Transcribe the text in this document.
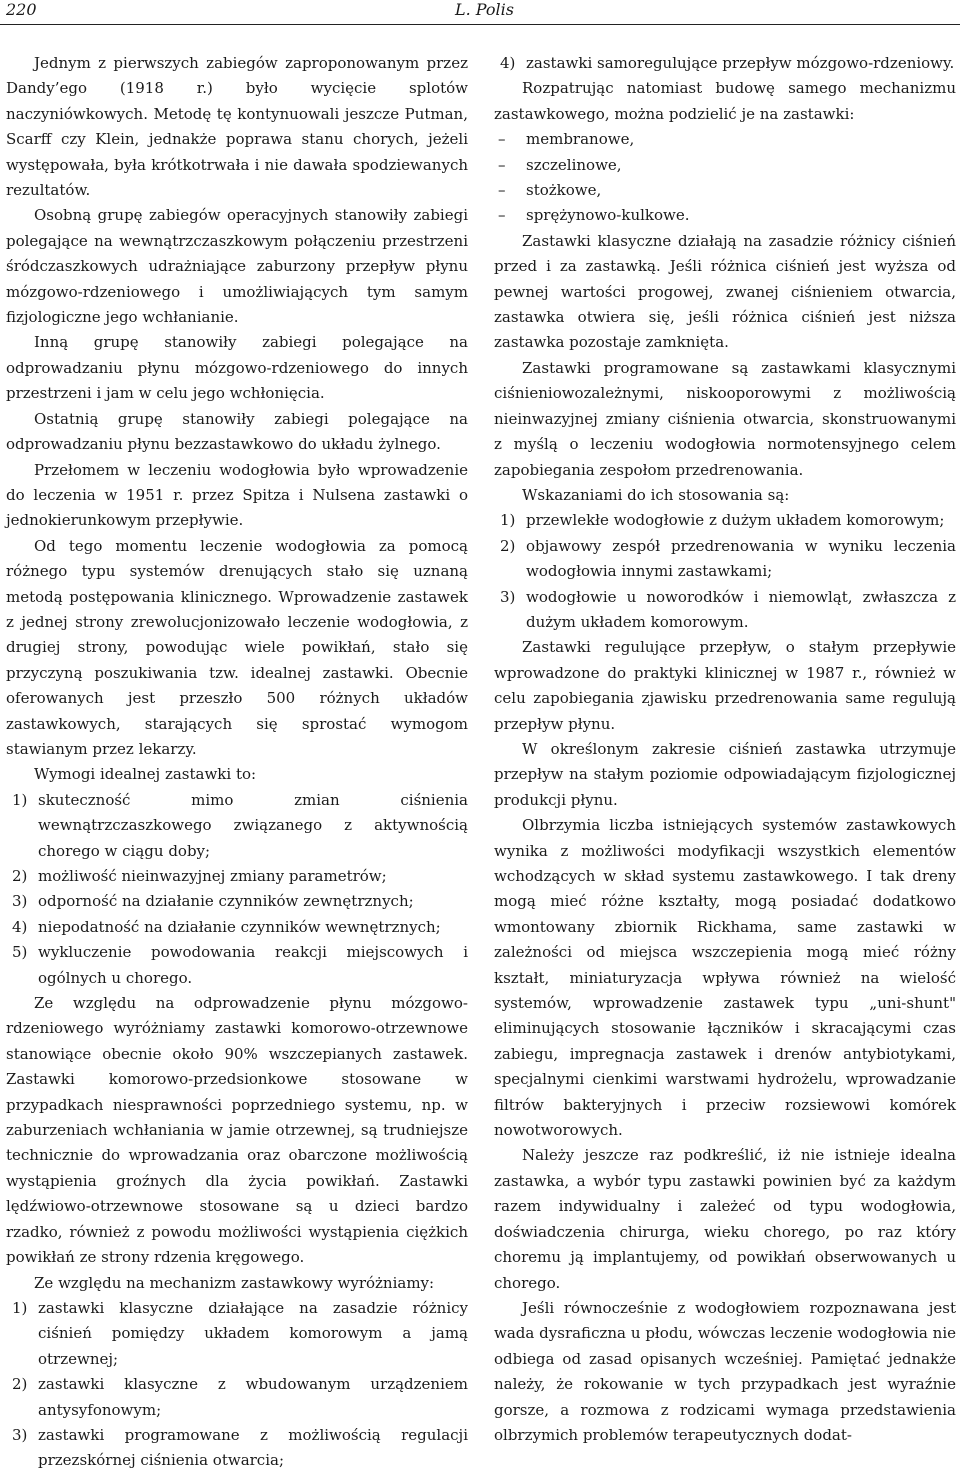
220	L. Polis

Jednym z pierwszych zabiegów zaproponowanym przez Dandy’ego (1918 r.) było wycięcie splotów naczyniówkowych. Metodę tę kontynuowali jeszcze Putman, Scarff czy Klein, jednakże poprawa stanu chorych, jeżeli występowała, była krótkotrwała i nie dawała spodziewanych rezultatów.

Osobną grupę zabiegów operacyjnych stanowiły zabiegi polegające na wewnątrzczaszkowym połączeniu przestrzeni śródczaszkowych udrażniające zaburzony przepływ płynu mózgowo-rdzeniowego i umożliwiających tym samym fizjologiczne jego wchłanianie.

Inną grupę stanowiły zabiegi polegające na odprowadzaniu płynu mózgowo-rdzeniowego do innych przestrzeni i jam w celu jego wchłonięcia.

Ostatnią grupę stanowiły zabiegi polegające na odprowadzaniu płynu bezzastawkowo do układu żylnego.

Przełomem w leczeniu wodogłowia było wprowadzenie do leczenia w 1951 r. przez Spitza i Nulsena zastawki o jednokierunkowym przepływie.

Od tego momentu leczenie wodogłowia za pomocą różnego typu systemów drenujących stało się uznaną metodą postępowania klinicznego. Wprowadzenie zastawek z jednej strony zrewolucjonizowało leczenie wodogłowia, z drugiej strony, powodując wiele powikłań, stało się przyczyną poszukiwania tzw. idealnej zastawki. Obecnie oferowanych jest przeszło 500 różnych układów zastawkowych, starających się sprostać wymogom stawianym przez lekarzy.

Wymogi idealnej zastawki to:

1) skuteczność mimo zmian ciśnienia wewnątrzczaszkowego związanego z aktywnością chorego w ciągu doby;
2) możliwość nieinwazyjnej zmiany parametrów;
3) odporność na działanie czynników zewnętrznych;
4) niepodatność na działanie czynników wewnętrznych;
5) wykluczenie powodowania reakcji miejscowych i ogólnych u chorego.

Ze względu na odprowadzenie płynu mózgowo-rdzeniowego wyróżniamy zastawki komorowo-otrzewnowe stanowiące obecnie około 90% wszczepianych zastawek. Zastawki komorowo-przedsionkowe stosowane w przypadkach niesprawności poprzedniego systemu, np. w zaburzeniach wchłaniania w jamie otrzewnej, są trudniejsze technicznie do wprowadzania oraz obarczone możliwością wystąpienia groźnych dla życia powikłań. Zastawki lędźwiowo-otrzewnowe stosowane są u dzieci bardzo rzadko, również z powodu możliwości wystąpienia ciężkich powikłań ze strony rdzenia kręgowego.

Ze względu na mechanizm zastawkowy wyróżniamy:

1) zastawki klasyczne działające na zasadzie różnicy ciśnień pomiędzy układem komorowym a jamą otrzewnej;
2) zastawki klasyczne z wbudowanym urządzeniem antysyfonowym;
3) zastawki programowane z możliwością regulacji przezskórnej ciśnienia otwarcia;
4) zastawki samoregulujące przepływ mózgowo-rdzeniowy.

Rozpatrując natomiast budowę samego mechanizmu zastawkowego, można podzielić je na zastawki:

– membranowe,
– szczelinowe,
– stożkowe,
– sprężynowo-kulkowe.

Zastawki klasyczne działają na zasadzie różnicy ciśnień przed i za zastawką. Jeśli różnica ciśnień jest wyższa od pewnej wartości progowej, zwanej ciśnieniem otwarcia, zastawka otwiera się, jeśli różnica ciśnień jest niższa zastawka pozostaje zamknięta.

Zastawki programowane są zastawkami klasycznymi ciśnieniowozależnymi, niskooporowymi z możliwością nieinwazyjnej zmiany ciśnienia otwarcia, skonstruowanymi z myślą o leczeniu wodogłowia normotensyjnego celem zapobiegania zespołom przedrenowania.

Wskazaniami do ich stosowania są:

1) przewlekłe wodogłowie z dużym układem komorowym;
2) objawowy zespół przedrenowania w wyniku leczenia wodogłowia innymi zastawkami;
3) wodogłowie u noworodków i niemowląt, zwłaszcza z dużym układem komorowym.

Zastawki regulujące przepływ, o stałym przepływie wprowadzone do praktyki klinicznej w 1987 r., również w celu zapobiegania zjawisku przedrenowania same regulują przepływ płynu.

W określonym zakresie ciśnień zastawka utrzymuje przepływ na stałym poziomie odpowiadającym fizjologicznej produkcji płynu.

Olbrzymia liczba istniejących systemów zastawkowych wynika z możliwości modyfikacji wszystkich elementów wchodzących w skład systemu zastawkowego. I tak dreny mogą mieć różne kształty, mogą posiadać dodatkowo wmontowany zbiornik Rickhama, same zastawki w zależności od miejsca wszczepienia mogą mieć różny kształt, miniaturyzacja wpływa również na wielość systemów, wprowadzenie zastawek typu „uni-shunt" eliminujących stosowanie łączników i skracającymi czas zabiegu, impregnacja zastawek i drenów antybiotykami, specjalnymi cienkimi warstwami hydrożelu, wprowadzanie filtrów bakteryjnych i przeciw rozsiewowi komórek nowotworowych.

Należy jeszcze raz podkreślić, iż nie istnieje idealna zastawka, a wybór typu zastawki powinien być za każdym razem indywidualny i zależeć od typu wodogłowia, doświadczenia chirurga, wieku chorego, po raz który choremu ją implantujemy, od powikłań obserwowanych u chorego.

Jeśli równocześnie z wodogłowiem rozpoznawana jest wada dysraficzna u płodu, wówczas leczenie wodogłowia nie odbiega od zasad opisanych wcześniej. Pamiętać jednakże należy, że rokowanie w tych przypadkach jest wyraźnie gorsze, a rozmowa z rodzicami wymaga przedstawienia olbrzymich problemów terapeutycznych dodat-
